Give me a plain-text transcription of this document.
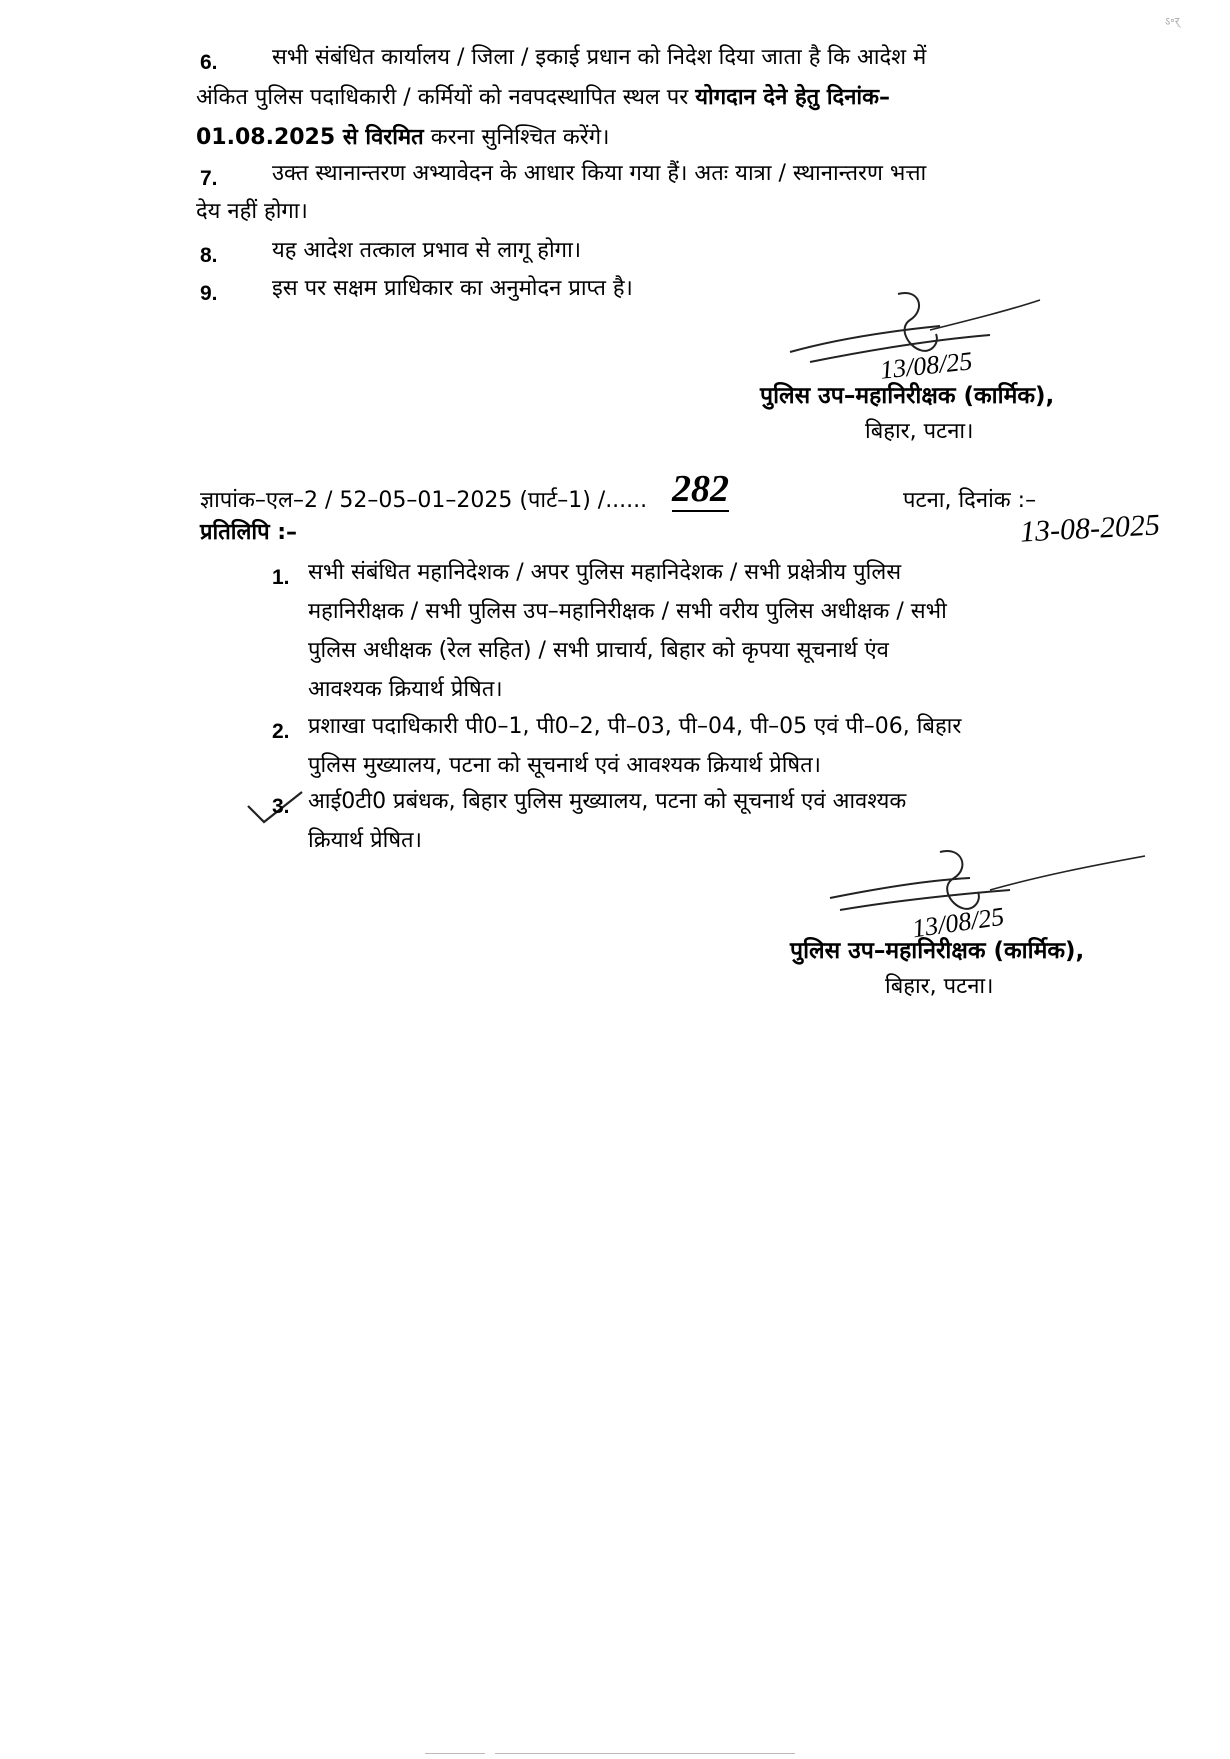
ऽ॰र्
6. सभी संबंधित कार्यालय / जिला / इकाई प्रधान को निदेश दिया जाता है कि आदेश में
अंकित पुलिस पदाधिकारी / कर्मियों को नवपदस्थापित स्थल पर योगदान देने हेतु दिनांक–
01.08.2025 से विरमित करना सुनिश्चित करेंगे।
7. उक्त स्थानान्तरण अभ्यावेदन के आधार किया गया हैं। अतः यात्रा / स्थानान्तरण भत्ता
देय नहीं होगा।
8. यह आदेश तत्काल प्रभाव से लागू होगा।
9. इस पर सक्षम प्राधिकार का अनुमोदन प्राप्त है।
13/08/25
पुलिस उप–महानिरीक्षक (कार्मिक),
बिहार, पटना।
ज्ञापांक–एल–2 / 52–05–01–2025 (पार्ट–1) /...... 282	पटना, दिनांक :–
13-08-2025
प्रतिलिपि :–
1. सभी संबंधित महानिदेशक / अपर पुलिस महानिदेशक / सभी प्रक्षेत्रीय पुलिस
महानिरीक्षक / सभी पुलिस उप–महानिरीक्षक / सभी वरीय पुलिस अधीक्षक / सभी
पुलिस अधीक्षक (रेल सहित) / सभी प्राचार्य, बिहार को कृपया सूचनार्थ एंव
आवश्यक क्रियार्थ प्रेषित।
2. प्रशाखा पदाधिकारी पी0–1, पी0–2, पी–03, पी–04, पी–05 एवं पी–06, बिहार
पुलिस मुख्यालय, पटना को सूचनार्थ एवं आवश्यक क्रियार्थ प्रेषित।
3. आई0टी0 प्रबंधक, बिहार पुलिस मुख्यालय, पटना को सूचनार्थ एवं आवश्यक
क्रियार्थ प्रेषित।
13/08/25
पुलिस उप–महानिरीक्षक (कार्मिक),
बिहार, पटना।
